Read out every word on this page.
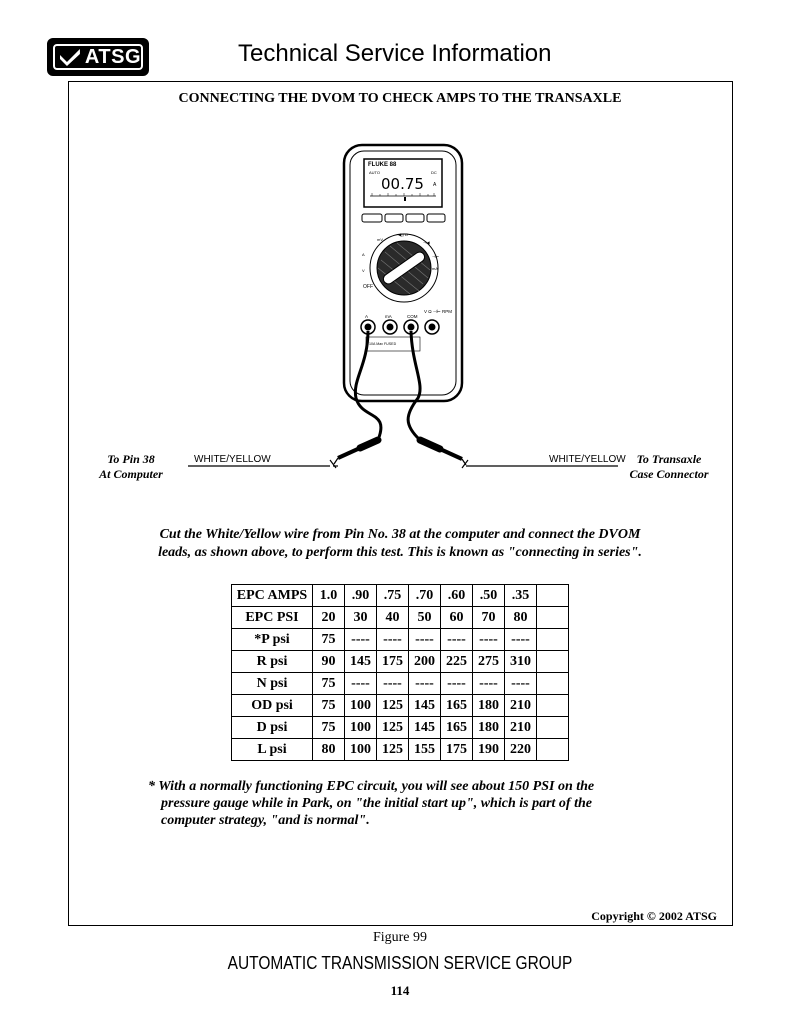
ATSG	Technical Service Information
CONNECTING THE DVOM TO CHECK AMPS TO THE TRANSAXLE
FLUKE 88
AUTO	DC
00.75 A
OFF
mV
◀)) Ω
⊣◀
⊣⊢
mA
A
V
A	mA	COM
V Ω ⊣⊢ RPM
10A Max FUSED
WHITE/YELLOW	WHITE/YELLOW
To Pin 38
At Computer
To Transaxle
Case Connector
Cut the White/Yellow wire from Pin No. 38 at the computer and connect the DVOM
leads, as shown above, to perform this test. This is known as "connecting in series".
EPC AMPS	1.0	.90	.75	.70	.60	.50	.35	
EPC PSI	20	30	40	50	60	70	80	
*P psi	75	----	----	----	----	----	----	
R psi	90	145	175	200	225	275	310	
N psi	75	----	----	----	----	----	----	
OD psi	75	100	125	145	165	180	210	
D psi	75	100	125	145	165	180	210	
L psi	80	100	125	155	175	190	220	
* With a normally functioning EPC circuit, you will see about 150 PSI on the
pressure gauge while in Park, on "the initial start up", which is part of the
computer strategy, "and is normal".
Copyright © 2002 ATSG
Figure 99
AUTOMATIC TRANSMISSION SERVICE GROUP
114
